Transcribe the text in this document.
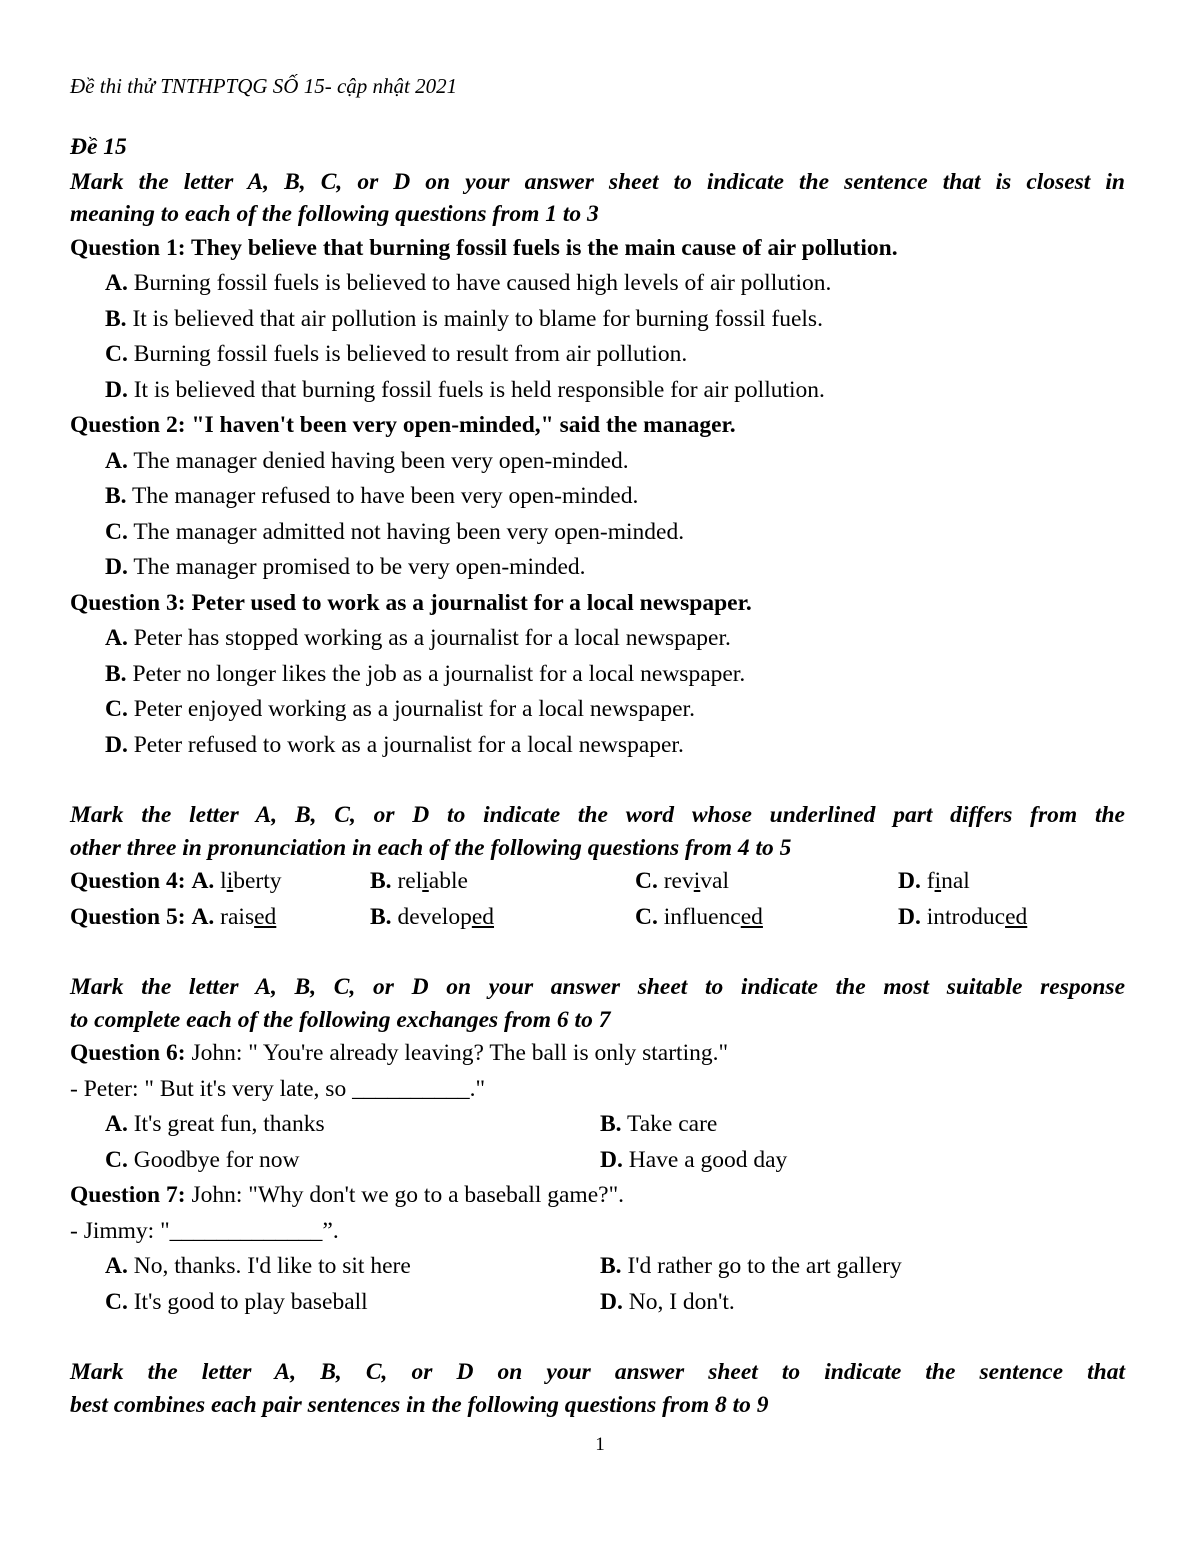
Đề thi thử TNTHPTQG SỐ 15- cập nhật 2021
Đề 15
Mark the letter A, B, C, or D on your answer sheet to indicate the sentence that is closest in
meaning to each of the following questions from 1 to 3
Question 1: They believe that burning fossil fuels is the main cause of air pollution.
A. Burning fossil fuels is believed to have caused high levels of air pollution.
B. It is believed that air pollution is mainly to blame for burning fossil fuels.
C. Burning fossil fuels is believed to result from air pollution.
D. It is believed that burning fossil fuels is held responsible for air pollution.
Question 2: "I haven't been very open-minded," said the manager.
A. The manager denied having been very open-minded.
B. The manager refused to have been very open-minded.
C. The manager admitted not having been very open-minded.
D. The manager promised to be very open-minded.
Question 3: Peter used to work as a journalist for a local newspaper.
A. Peter has stopped working as a journalist for a local newspaper.
B. Peter no longer likes the job as a journalist for a local newspaper.
C. Peter enjoyed working as a journalist for a local newspaper.
D. Peter refused to work as a journalist for a local newspaper.
Mark the letter A, B, C, or D to indicate the word whose underlined part differs from the
other three in pronunciation in each of the following questions from 4 to 5
Question 4: A. liberty	B. reliable	C. revival	D. final
Question 5: A. raised	B. developed	C. influenced	D. introduced
Mark the letter A, B, C, or D on your answer sheet to indicate the most suitable response
to complete each of the following exchanges from 6 to 7
Question 6: John: " You're already leaving? The ball is only starting."
- Peter: " But it's very late, so __________."
A. It's great fun, thanks	B. Take care
C. Goodbye for now	D. Have a good day
Question 7: John: "Why don't we go to a baseball game?".
- Jimmy: "_____________”.
A. No, thanks. I'd like to sit here	B. I'd rather go to the art gallery
C. It's good to play baseball	D. No, I don't.
Mark the letter A, B, C, or D on your answer sheet to indicate the sentence that
best combines each pair sentences in the following questions from 8 to 9
1
